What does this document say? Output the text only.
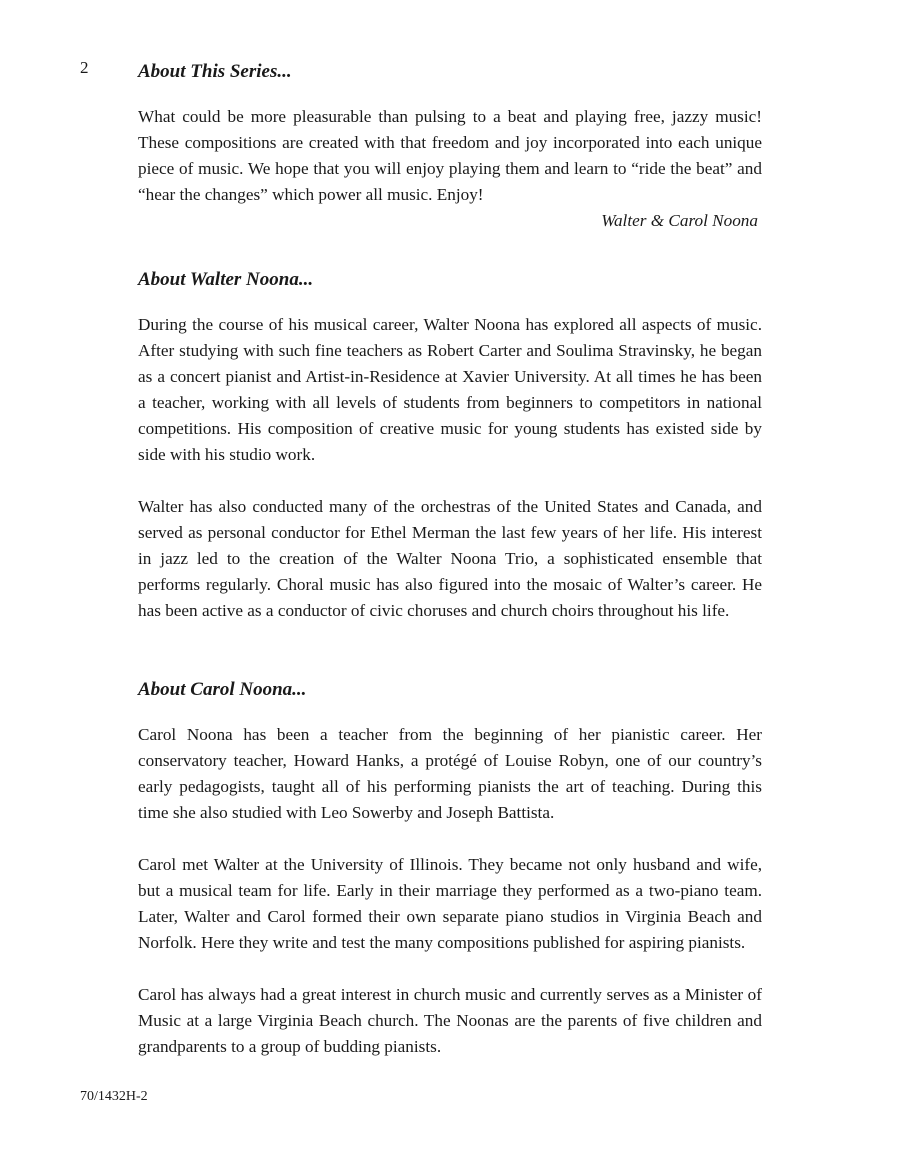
2	About This Series...

What could be more pleasurable than pulsing to a beat and playing free, jazzy music! These compositions are created with that freedom and joy incorporated into each unique piece of music. We hope that you will enjoy playing them and learn to “ride the beat” and “hear the changes” which power all music. Enjoy!

Walter & Carol Noona

About Walter Noona...

During the course of his musical career, Walter Noona has explored all aspects of music. After studying with such fine teachers as Robert Carter and Soulima Stravinsky, he began as a concert pianist and Artist-in-Residence at Xavier University. At all times he has been a teacher, working with all levels of students from beginners to competitors in national competitions. His composition of creative music for young students has existed side by side with his studio work.

Walter has also conducted many of the orchestras of the United States and Canada, and served as personal conductor for Ethel Merman the last few years of her life. His interest in jazz led to the creation of the Walter Noona Trio, a sophisticated ensemble that performs regularly. Choral music has also figured into the mosaic of Walter’s career. He has been active as a conductor of civic choruses and church choirs throughout his life.

About Carol Noona...

Carol Noona has been a teacher from the beginning of her pianistic career. Her conservatory teacher, Howard Hanks, a protégé of Louise Robyn, one of our country’s early pedagogists, taught all of his performing pianists the art of teaching. During this time she also studied with Leo Sowerby and Joseph Battista.

Carol met Walter at the University of Illinois. They became not only husband and wife, but a musical team for life. Early in their marriage they performed as a two-piano team. Later, Walter and Carol formed their own separate piano studios in Virginia Beach and Norfolk. Here they write and test the many compositions published for aspiring pianists.

Carol has always had a great interest in church music and currently serves as a Minister of Music at a large Virginia Beach church. The Noonas are the parents of five children and grandparents to a group of budding pianists.

70/1432H-2
